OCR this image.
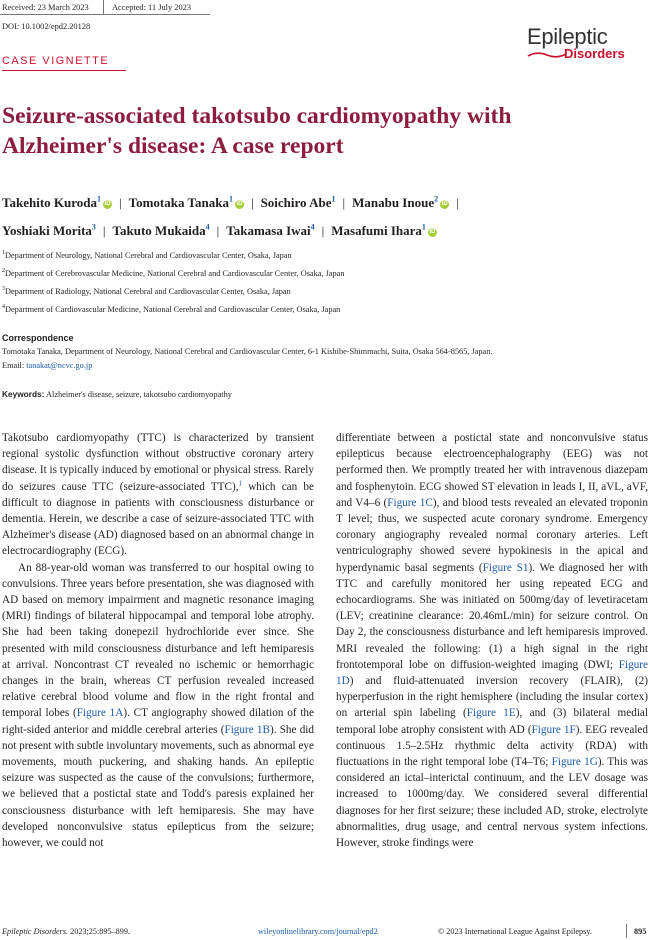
Received: 23 March 2023	Accepted: 11 July 2023
DOI: 10.1002/epd2.20128	Epileptic
Disorders
CASE VIGNETTE
Seizure-associated takotsubo cardiomyopathy with Alzheimer's disease: A case report
Takehito Kuroda$^1$iD | Tomotaka Tanaka$^1$iD | Soichiro Abe$^1$ | Manabu Inoue$^2$iD |
Yoshiaki Morita$^3$ | Takuto Mukaida$^4$ | Takamasa Iwai$^4$ | Masafumi Ihara$^1$iD
$^1$Department of Neurology, National Cerebral and Cardiovascular Center, Osaka, Japan
$^2$Department of Cerebrovascular Medicine, National Cerebral and Cardiovascular Center, Osaka, Japan
$^3$Department of Radiology, National Cerebral and Cardiovascular Center, Osaka, Japan
$^4$Department of Cardiovascular Medicine, National Cerebral and Cardiovascular Center, Osaka, Japan
Correspondence
Tomotaka Tanaka, Department of Neurology, National Cerebral and Cardiovascular Center, 6-1 Kishibe-Shimmachi, Suita, Osaka 564-8565, Japan.
Email: tanakat@ncvc.go.jp
Keywords: Alzheimer's disease, seizure, takotsubo cardiomyopathy

Takotsubo cardiomyopathy (TTC) is characterized by transient regional systolic dysfunction without obstructive coronary artery disease. It is typically induced by emotional or physical stress. Rarely do seizures cause TTC (seizure-associated TTC),$^1$ which can be difficult to diagnose in patients with consciousness disturbance or dementia. Herein, we describe a case of seizure-associated TTC with Alzheimer's disease (AD) diagnosed based on an abnormal change in electrocardiography (ECG).

An 88-year-old woman was transferred to our hospital owing to convulsions. Three years before presentation, she was diagnosed with AD based on memory impairment and magnetic resonance imaging (MRI) findings of bilateral hippocampal and temporal lobe atrophy. She had been taking donepezil hydrochloride ever since. She presented with mild consciousness disturbance and left hemiparesis at arrival. Noncontrast CT revealed no ischemic or hemorrhagic changes in the brain, whereas CT perfusion revealed increased relative cerebral blood volume and flow in the right frontal and temporal lobes (Figure 1A). CT angiography showed dilation of the right-sided anterior and middle cerebral arteries (Figure 1B). She did not present with subtle involuntary movements, such as abnormal eye movements, mouth puckering, and shaking hands. An epileptic seizure was suspected as the cause of the convulsions; furthermore, we believed that a postictal state and Todd's paresis explained her consciousness disturbance with left hemiparesis. She may have developed nonconvulsive status epilepticus from the seizure; however, we could not

differentiate between a postictal state and nonconvulsive status epilepticus because electroencephalography (EEG) was not performed then. We promptly treated her with intravenous diazepam and fosphenytoin. ECG showed ST elevation in leads I, II, aVL, aVF, and V4–6 (Figure 1C), and blood tests revealed an elevated troponin T level; thus, we suspected acute coronary syndrome. Emergency coronary angiography revealed normal coronary arteries. Left ventriculography showed severe hypokinesis in the apical and hyperdynamic basal segments (Figure S1). We diagnosed her with TTC and carefully monitored her using repeated ECG and echocardiograms. She was initiated on 500mg/day of levetiracetam (LEV; creatinine clearance: 20.46mL/min) for seizure control. On Day 2, the consciousness disturbance and left hemiparesis improved. MRI revealed the following: (1) a high signal in the right frontotemporal lobe on diffusion-weighted imaging (DWI; Figure 1D) and fluid-attenuated inversion recovery (FLAIR), (2) hyperperfusion in the right hemisphere (including the insular cortex) on arterial spin labeling (Figure 1E), and (3) bilateral medial temporal lobe atrophy consistent with AD (Figure 1F). EEG revealed continuous 1.5–2.5Hz rhythmic delta activity (RDA) with fluctuations in the right temporal lobe (T4–T6; Figure 1G). This was considered an ictal–interictal continuum, and the LEV dosage was increased to 1000mg/day. We considered several differential diagnoses for her first seizure; these included AD, stroke, electrolyte abnormalities, drug usage, and central nervous system infections. However, stroke findings were

Epileptic Disorders. 2023;25:895–899.	wileyonlinelibrary.com/journal/epd2	© 2023 International League Against Epilepsy.	895
